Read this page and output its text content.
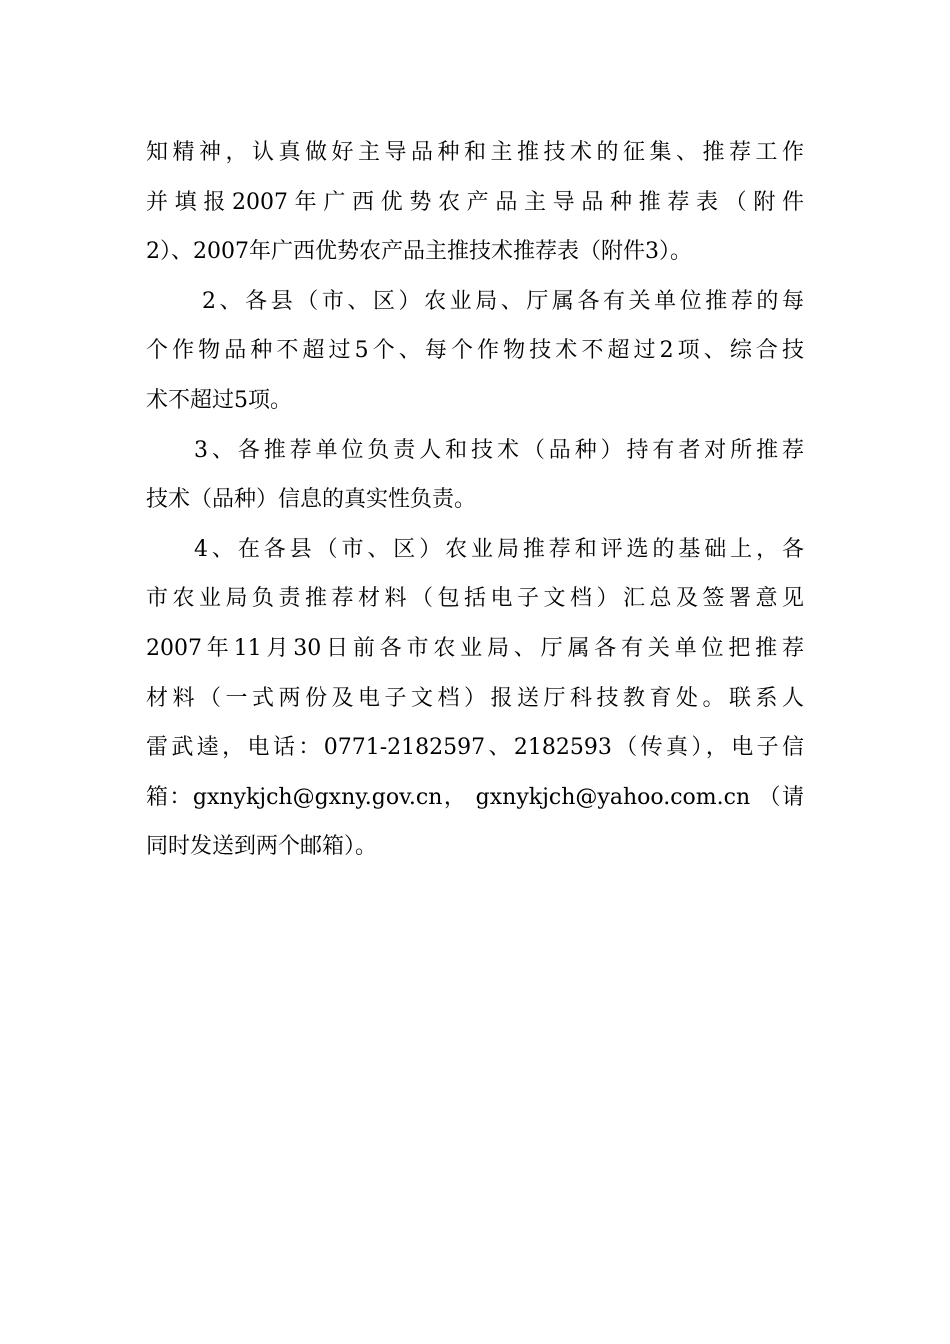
知精神，认真做好主导品种和主推技术的征集、推荐工作
并填报2007年广西优势农产品主导品种推荐表（附件
2）、2007年广西优势农产品主推技术推荐表（附件3）。
2、各县（市、区）农业局、厅属各有关单位推荐的每
个作物品种不超过5个、每个作物技术不超过2项、综合技
术不超过5项。
3、各推荐单位负责人和技术（品种）持有者对所推荐
技术（品种）信息的真实性负责。
4、在各县（市、区）农业局推荐和评选的基础上，各
市农业局负责推荐材料（包括电子文档）汇总及签署意见
2007年11月30日前各市农业局、厅属各有关单位把推荐
材料（一式两份及电子文档）报送厅科技教育处。联系人
雷武逵，电话：0771-2182597、2182593（传真），电子信
箱：gxnykjch@gxny.gov.cn， gxnykjch@yahoo.com.cn （请
同时发送到两个邮箱）。
